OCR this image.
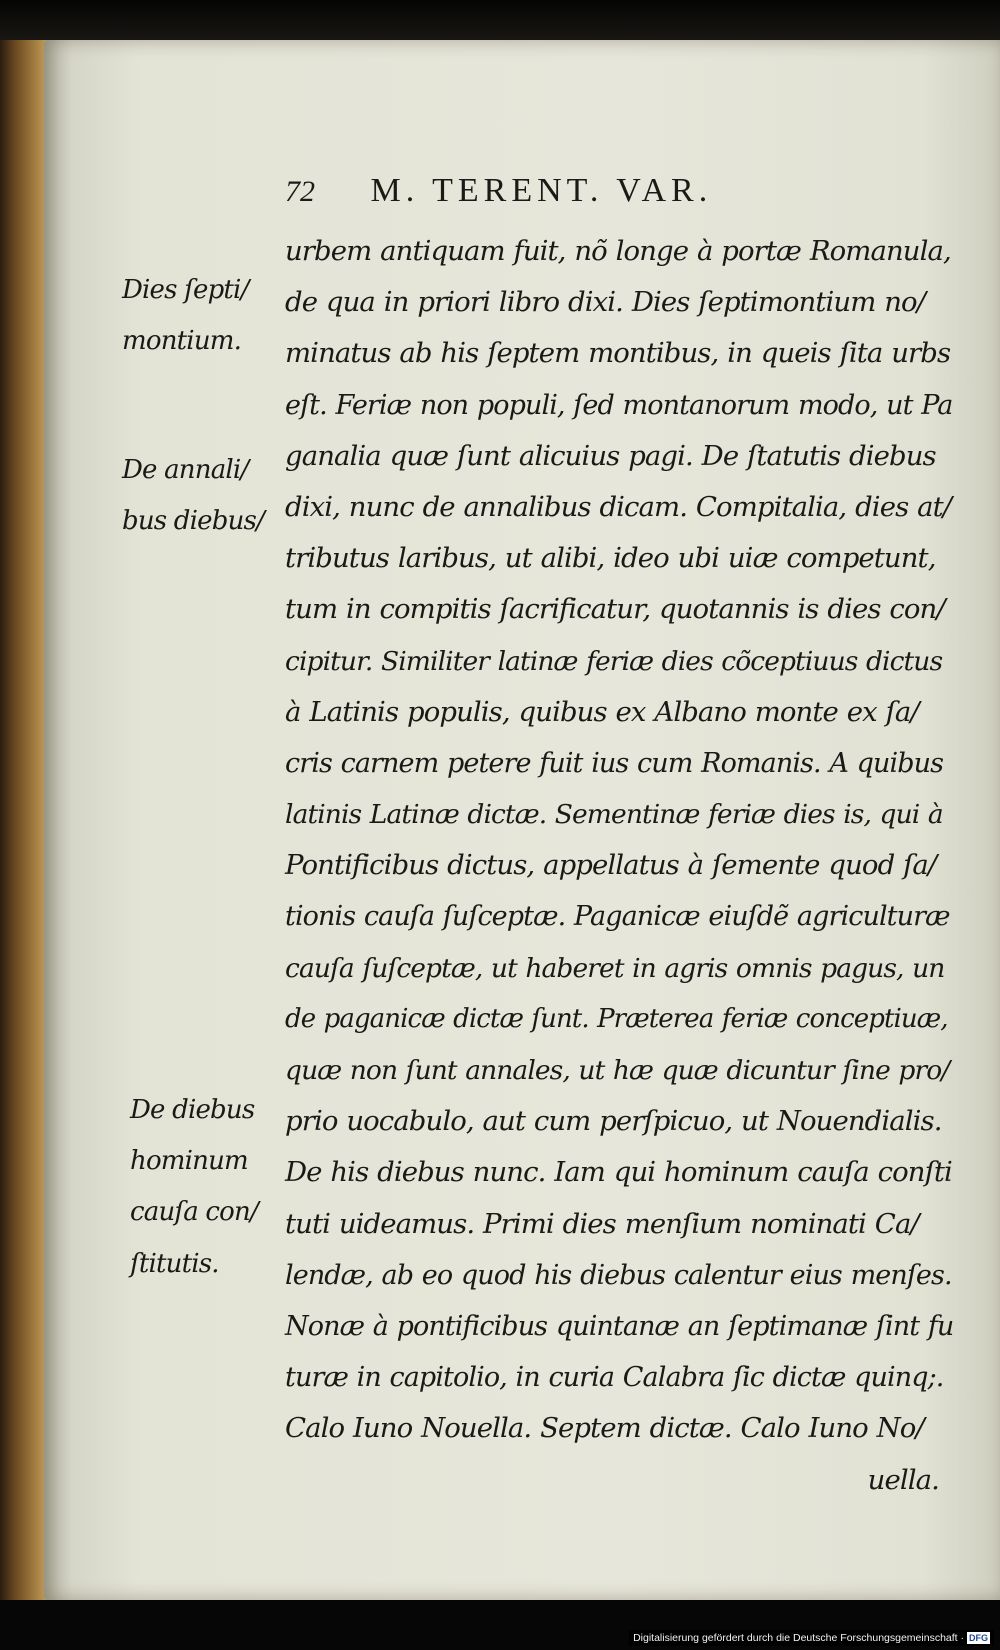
72 M. TERENT. VAR.
Dies ſepti/
montium.
De annali/
bus diebus/
De diebus
hominum
cauſa con/
ſtitutis.
urbem antiquam fuit, nõ longe à portæ Romanula,
de qua in priori libro dixi. Dies ſeptimontium no/
minatus ab his ſeptem montibus, in queis ſita urbs
eſt. Feriæ non populi, ſed montanorum modo, ut Pa
ganalia quæ ſunt alicuius pagi. De ſtatutis diebus
dixi, nunc de annalibus dicam. Compitalia, dies at/
tributus laribus, ut alibi, ideo ubi uiæ competunt,
tum in compitis ſacrificatur, quotannis is dies con/
cipitur. Similiter latinæ feriæ dies cõceptiuus dictus
à Latinis populis, quibus ex Albano monte ex ſa/
cris carnem petere fuit ius cum Romanis. A quibus
latinis Latinæ dictæ. Sementinæ feriæ dies is, qui à
Pontificibus dictus, appellatus à ſemente quod ſa/
tionis cauſa ſuſceptæ. Paganicæ eiuſdẽ agriculturæ
cauſa ſuſceptæ, ut haberet in agris omnis pagus, un
de paganicæ dictæ ſunt. Præterea feriæ conceptiuæ,
quæ non ſunt annales, ut hæ quæ dicuntur ſine pro/
prio uocabulo, aut cum perſpicuo, ut Nouendialis.
De his diebus nunc. Iam qui hominum cauſa conſti
tuti uideamus. Primi dies menſium nominati Ca/
lendæ, ab eo quod his diebus calentur eius menſes.
Nonæ à pontificibus quintanæ an ſeptimanæ ſint fu
turæ in capitolio, in curia Calabra ſic dictæ quinq;.
Calo Iuno Nouella. Septem dictæ. Calo Iuno No/
uella.
Digitalisierung gefördert durch die Deutsche Forschungsgemeinschaft · DFG
